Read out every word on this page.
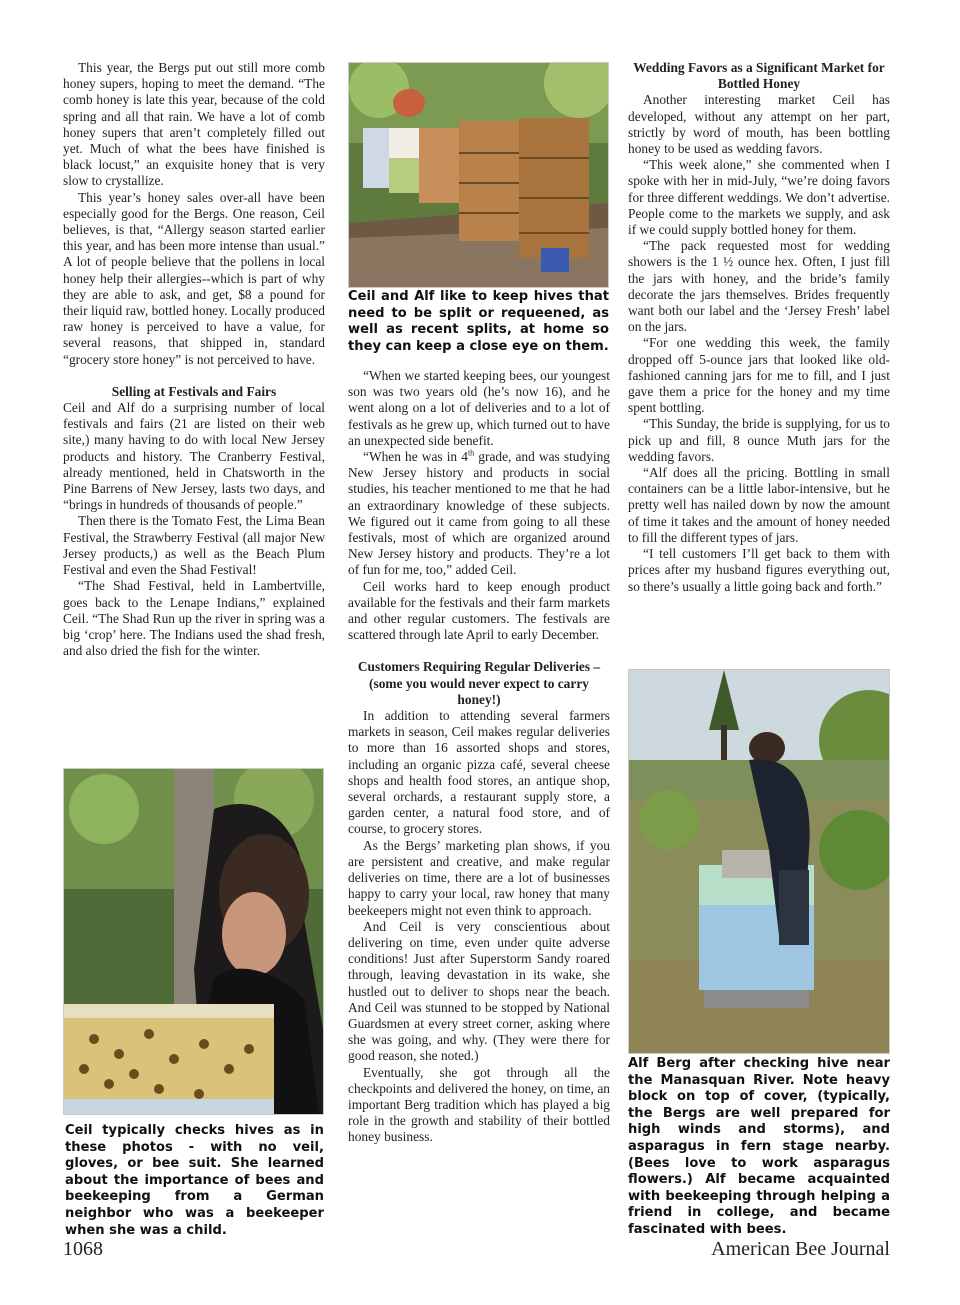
This year, the Bergs put out still more comb honey supers, hoping to meet the demand. “The comb honey is late this year, because of the cold spring and all that rain. We have a lot of comb honey supers that aren’t completely filled out yet. Much of what the bees have finished is black locust,” an exquisite honey that is very slow to crystallize.

This year’s honey sales over-all have been especially good for the Bergs. One reason, Ceil believes, is that, “Allergy season started earlier this year, and has been more intense than usual.” A lot of people believe that the pollens in local honey help their allergies--which is part of why they are able to ask, and get, $8 a pound for their liquid raw, bottled honey. Locally produced raw honey is perceived to have a value, for several reasons, that shipped in, standard “grocery store honey” is not perceived to have.

Selling at Festivals and Fairs

Ceil and Alf do a surprising number of local festivals and fairs (21 are listed on their web site,) many having to do with local New Jersey products and history. The Cranberry Festival, already mentioned, held in Chatsworth in the Pine Barrens of New Jersey, lasts two days, and “brings in hundreds of thousands of people.”

Then there is the Tomato Fest, the Lima Bean Festival, the Strawberry Festival (all major New Jersey products,) as well as the Beach Plum Festival and even the Shad Festival!

“The Shad Festival, held in Lambertville, goes back to the Lenape Indians,” explained Ceil. “The Shad Run up the river in spring was a big ‘crop’ here. The Indians used the shad fresh, and also dried the fish for the winter.

Ceil typically checks hives as in these photos - with no veil, gloves, or bee suit. She learned about the importance of bees and beekeeping from a German neighbor who was a beekeeper when she was a child.

Ceil and Alf like to keep hives that need to be split or requeened, as well as recent splits, at home so they can keep a close eye on them.

“When we started keeping bees, our youngest son was two years old (he’s now 16), and he went along on a lot of deliveries and to a lot of festivals as he grew up, which turned out to have an unexpected side benefit.

“When he was in 4th grade, and was studying New Jersey history and products in social studies, his teacher mentioned to me that he had an extraordinary knowledge of these subjects. We figured out it came from going to all these festivals, most of which are organized around New Jersey history and products. They’re a lot of fun for me, too,” added Ceil.

Ceil works hard to keep enough product available for the festivals and their farm markets and other regular customers. The festivals are scattered through late April to early December.

Customers Requiring Regular Deliveries – (some you would never expect to carry honey!)

In addition to attending several farmers markets in season, Ceil makes regular deliveries to more than 16 assorted shops and stores, including an organic pizza café, several cheese shops and health food stores, an antique shop, several orchards, a restaurant supply store, a garden center, a natural food store, and of course, to grocery stores.

As the Bergs’ marketing plan shows, if you are persistent and creative, and make regular deliveries on time, there are a lot of businesses happy to carry your local, raw honey that many beekeepers might not even think to approach.

And Ceil is very conscientious about delivering on time, even under quite adverse conditions! Just after Superstorm Sandy roared through, leaving devastation in its wake, she hustled out to deliver to shops near the beach. And Ceil was stunned to be stopped by National Guardsmen at every street corner, asking where she was going, and why. (They were there for good reason, she noted.)

Eventually, she got through all the checkpoints and delivered the honey, on time, an important Berg tradition which has played a big role in the growth and stability of their bottled honey business.

Wedding Favors as a Significant Market for Bottled Honey

Another interesting market Ceil has developed, without any attempt on her part, strictly by word of mouth, has been bottling honey to be used as wedding favors.

“This week alone,” she commented when I spoke with her in mid-July, “we’re doing favors for three different weddings. We don’t advertise. People come to the markets we supply, and ask if we could supply bottled honey for them.

“The pack requested most for wedding showers is the 1 ½ ounce hex. Often, I just fill the jars with honey, and the bride’s family decorate the jars themselves. Brides frequently want both our label and the ‘Jersey Fresh’ label on the jars.

“For one wedding this week, the family dropped off 5-ounce jars that looked like old-fashioned canning jars for me to fill, and I just gave them a price for the honey and my time spent bottling.

“This Sunday, the bride is supplying, for us to pick up and fill, 8 ounce Muth jars for the wedding favors.

“Alf does all the pricing. Bottling in small containers can be a little labor-intensive, but he pretty well has nailed down by now the amount of time it takes and the amount of honey needed to fill the different types of jars.

“I tell customers I’ll get back to them with prices after my husband figures everything out, so there’s usually a little going back and forth.”

Alf Berg after checking hive near the Manasquan River. Note heavy block on top of cover, (typically, the Bergs are well prepared for high winds and storms), and asparagus in fern stage nearby. (Bees love to work asparagus flowers.) Alf became acquainted with beekeeping through helping a friend in college, and became fascinated with bees.

1068	American Bee Journal
